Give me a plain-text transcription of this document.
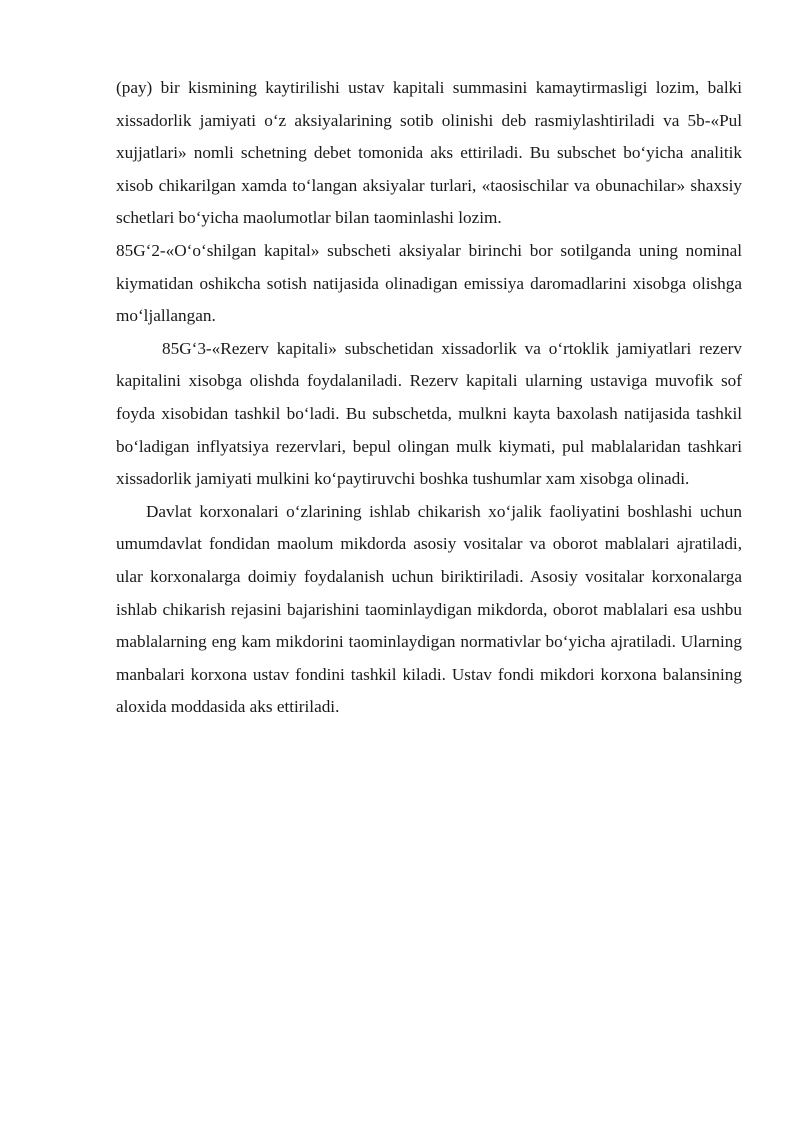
(pay) bir kismining kaytirilishi ustav kapitali summasini kamaytirmasligi lozim, balki xissadorlik jamiyati o‘z aksiyalarining sotib olinishi deb rasmiylashtiriladi va 5b-«Pul xujjatlari» nomli schetning debet tomonida aks ettiriladi. Bu subschet bo‘yicha analitik xisob chikarilgan xamda to‘langan aksiyalar turlari, «taosischilar va obunachilar» shaxsiy schetlari bo‘yicha maolumotlar bilan taominlashi lozim.

85G‘2-«O‘o‘shilgan kapital» subscheti aksiyalar birinchi bor sotilganda uning nominal kiymatidan oshikcha sotish natijasida olinadigan emissiya daromadlarini xisobga olishga mo‘ljallangan.

85G‘3-«Rezerv kapitali» subschetidan xissadorlik va o‘rtoklik jamiyatlari rezerv kapitalini xisobga olishda foydalaniladi. Rezerv kapitali ularning ustaviga muvofik sof foyda xisobidan tashkil bo‘ladi. Bu subschetda, mulkni kayta baxolash natijasida tashkil bo‘ladigan inflyatsiya rezervlari, bepul olingan mulk kiymati, pul mablalaridan tashkari xissadorlik jamiyati mulkini ko‘paytiruvchi boshka tushumlar xam xisobga olinadi.

Davlat korxonalari o‘zlarining ishlab chikarish xo‘jalik faoliyatini boshlashi uchun umumdavlat fondidan maolum mikdorda asosiy vositalar va oborot mablalari ajratiladi, ular korxonalarga doimiy foydalanish uchun biriktiriladi. Asosiy vositalar korxonalarga ishlab chikarish rejasini bajarishini taominlaydigan mikdorda, oborot mablalari esa ushbu mablalarning eng kam mikdorini taominlaydigan normativlar bo‘yicha ajratiladi. Ularning manbalari korxona ustav fondini tashkil kiladi. Ustav fondi mikdori korxona balansining aloxida moddasida aks ettiriladi.
